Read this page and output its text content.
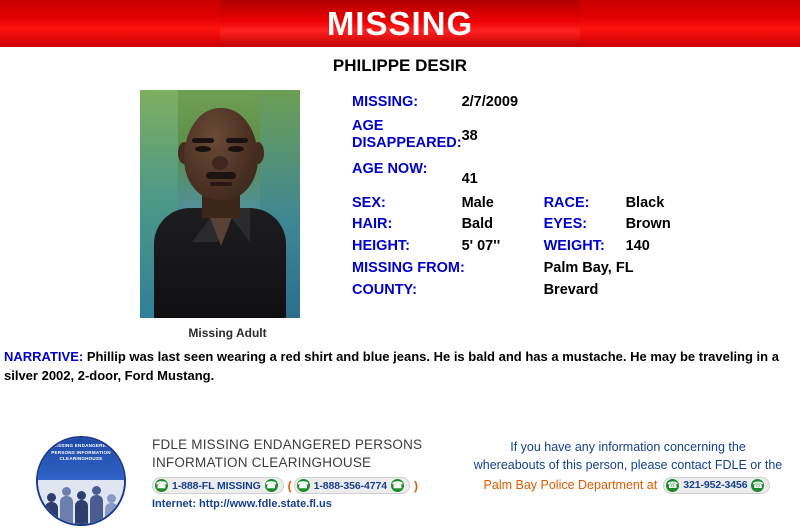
MISSING
PHILIPPE DESIR
Missing Adult
MISSING:	2/7/2009		
AGE DISAPPEARED:	38		
AGE NOW:	41		
SEX:	Male	RACE:	Black
HAIR:	Bald	EYES:	Brown
HEIGHT:	5' 07''	WEIGHT:	140
MISSING FROM:		Palm Bay, FL	
COUNTY:		Brevard	
NARRATIVE: Phillip was last seen wearing a red shirt and blue jeans. He is bald and has a mustache. He may be traveling in a silver 2002, 2-door, Ford Mustang.
MISSING ENDANGERED PERSONS INFORMATION CLEARINGHOUSE
FDLE MISSING ENDANGERED PERSONS
INFORMATION CLEARINGHOUSE
☎ 1-888-FL MISSING ☎ ( ☎ 1-888-356-4774 ☎ )
Internet: http://www.fdle.state.fl.us
If you have any information concerning the
whereabouts of this person, please contact FDLE or the
Palm Bay Police Department at ☎ 321-952-3456 ☎
